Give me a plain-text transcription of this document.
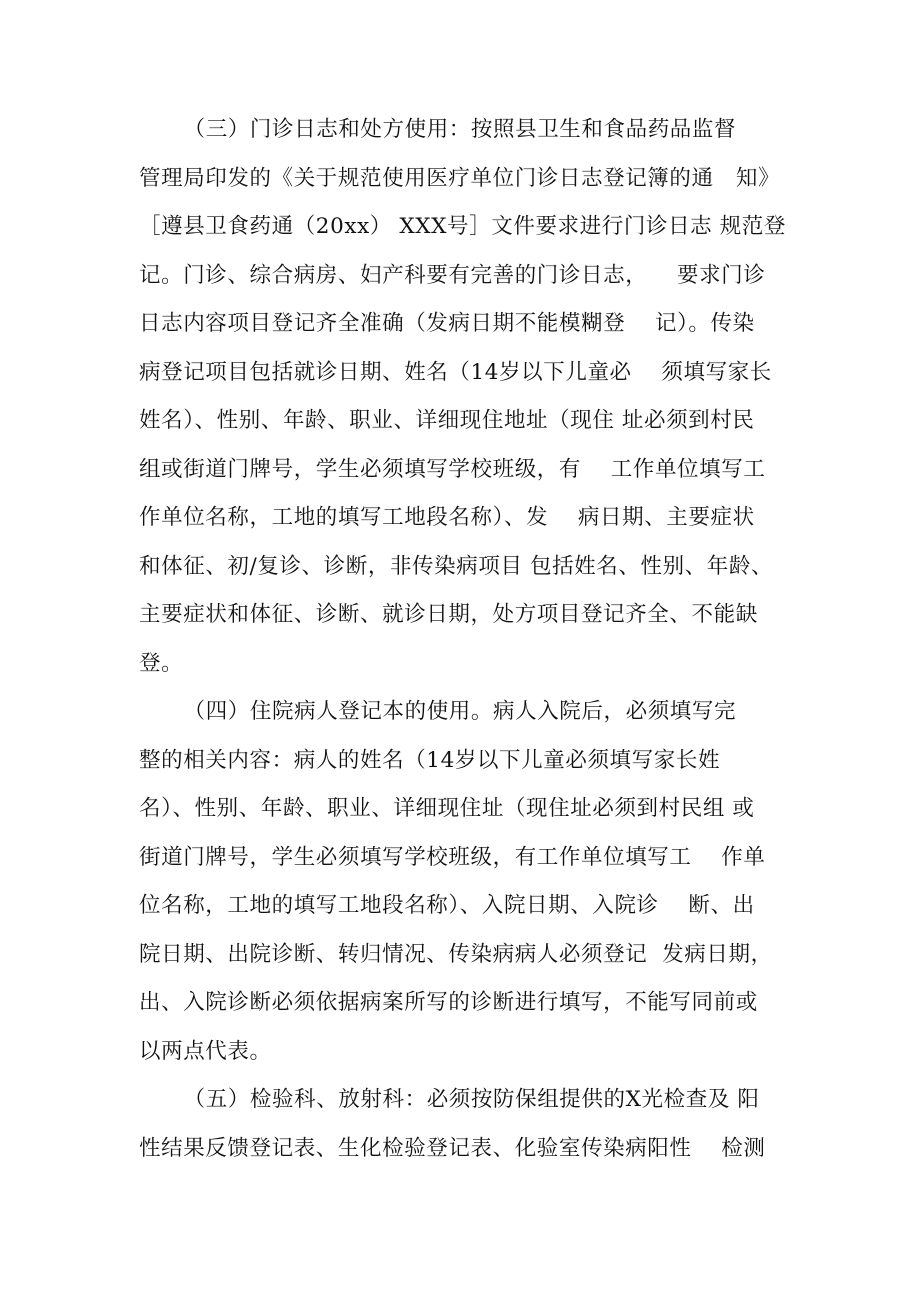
（三）门诊日志和处方使用：按照县卫生和食品药品监督
管理局印发的《关于规范使用医疗单位门诊日志登记簿的通   知》
［遵县卫食药通（20xx） XXX号］文件要求进行门诊日志 规范登
记。门诊、综合病房、妇产科要有完善的门诊日志，    要求门诊
日志内容项目登记齐全准确（发病日期不能模糊登    记）。传染
病登记项目包括就诊日期、姓名（14岁以下儿童必    须填写家长
姓名）、性别、年龄、职业、详细现住地址（现住 址必须到村民
组或街道门牌号，学生必须填写学校班级，有    工作单位填写工
作单位名称，工地的填写工地段名称）、发    病日期、主要症状
和体征、初/复诊、诊断，非传染病项目 包括姓名、性别、年龄、
主要症状和体征、诊断、就诊日期，处方项目登记齐全、不能缺
登。
（四）住院病人登记本的使用。病人入院后，必须填写完
整的相关内容：病人的姓名（14岁以下儿童必须填写家长姓
名）、性别、年龄、职业、详细现住址（现住址必须到村民组 或
街道门牌号，学生必须填写学校班级，有工作单位填写工    作单
位名称，工地的填写工地段名称）、入院日期、入院诊    断、出
院日期、出院诊断、转归情况、传染病病人必须登记  发病日期，
出、入院诊断必须依据病案所写的诊断进行填写，不能写同前或
以两点代表。
（五）检验科、放射科：必须按防保组提供的X光检查及 阳
性结果反馈登记表、生化检验登记表、化验室传染病阳性    检测
